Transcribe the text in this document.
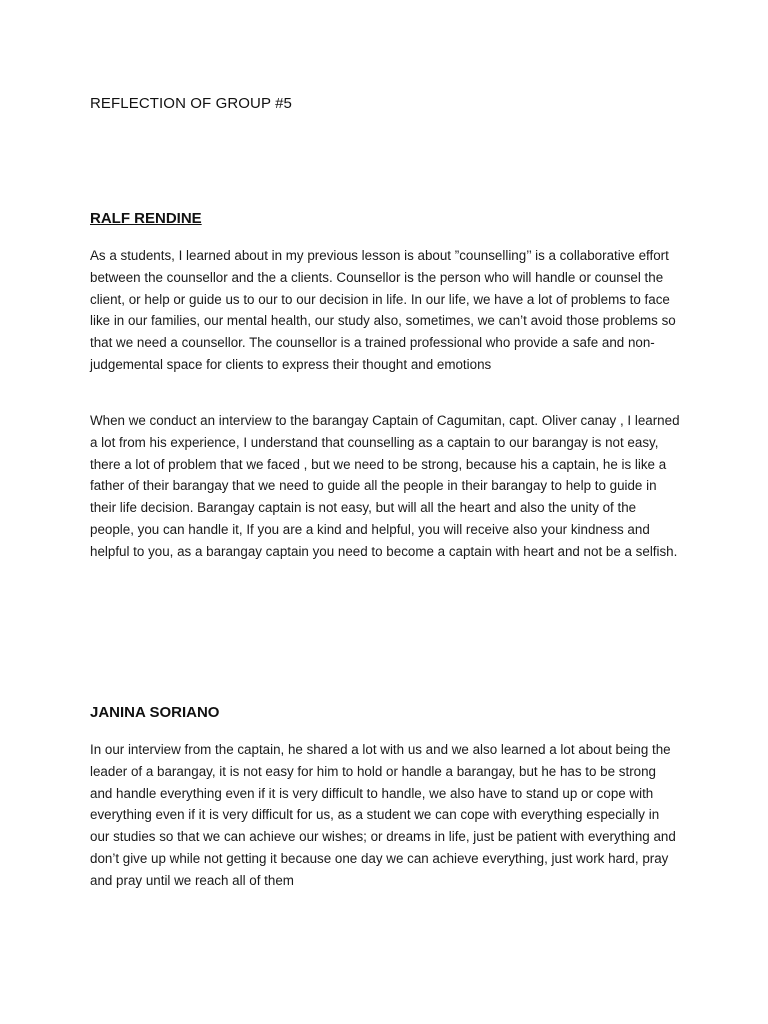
REFLECTION OF GROUP #5
RALF RENDINE

As a students, I learned about in my previous lesson is about ”counselling’’ is a collaborative effort between the counsellor and the a clients. Counsellor is the person who will handle or counsel the client, or help or guide us to our to our decision in life. In our life, we have a lot of problems to face like in our families, our mental health, our study also, sometimes, we can’t avoid those problems so that we need a counsellor. The counsellor is a trained professional who provide a safe and non-judgemental space for clients to express their thought and emotions

When we conduct an interview to the barangay Captain of Cagumitan, capt. Oliver canay , I learned a lot from his experience, I understand that counselling as a captain to our barangay is not easy, there a lot of problem that we faced , but we need to be strong, because his a captain, he is like a father of their barangay that we need to guide all the people in their barangay to help to guide in their life decision. Barangay captain is not easy, but will all the heart and also the unity of the people, you can handle it, If you are a kind and helpful, you will receive also your kindness and helpful to you, as a barangay captain you need to become a captain with heart and not be a selfish.

JANINA SORIANO

In our interview from the captain, he shared a lot with us and we also learned a lot about being the leader of a barangay, it is not easy for him to hold or handle a barangay, but he has to be strong and handle everything even if it is very difficult to handle, we also have to stand up or cope with everything even if it is very difficult for us, as a student we can cope with everything especially in our studies so that we can achieve our wishes; or dreams in life, just be patient with everything and don’t give up while not getting it because one day we can achieve everything, just work hard, pray and pray until we reach all of them
